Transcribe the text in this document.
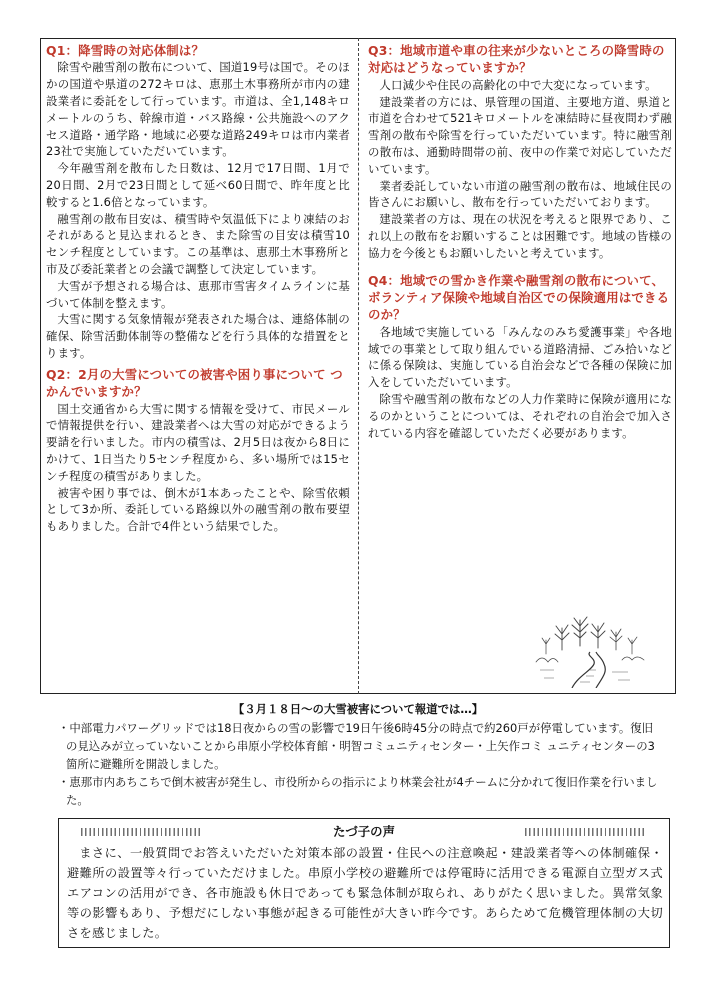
Q1：降雪時の対応体制は？

除雪や融雪剤の散布について、国道19号は国で。そのほかの国道や県道の272キロは、恵那土木事務所が市内の建設業者に委託をして行っています。市道は、全1,148キロメートルのうち、幹線市道・バス路線・公共施設へのアクセス道路・通学路・地域に必要な道路249キロは市内業者23社で実施していただいています。

今年融雪剤を散布した日数は、12月で17日間、1月で20日間、2月で23日間として延べ60日間で、昨年度と比較すると1.6倍となっています。

融雪剤の散布目安は、積雪時や気温低下により凍結のおそれがあると見込まれるとき、また除雪の目安は積雪10センチ程度としています。この基準は、恵那土木事務所と市及び委託業者との会議で調整して決定しています。

大雪が予想される場合は、恵那市雪害タイムラインに基づいて体制を整えます。

大雪に関する気象情報が発表された場合は、連絡体制の確保、除雪活動体制等の整備などを行う具体的な措置をとります。

Q2：2月の大雪についての被害や困り事について つかんでいますか？

国土交通省から大雪に関する情報を受けて、市民メールで情報提供を行い、建設業者へは大雪の対応ができるよう要請を行いました。市内の積雪は、2月5日は夜から8日にかけて、1日当たり5センチ程度から、多い場所では15センチ程度の積雪がありました。

被害や困り事では、倒木が1本あったことや、除雪依頼として3か所、委託している路線以外の融雪剤の散布要望もありました。合計で4件という結果でした。

Q3：地域市道や車の往来が少ないところの降雪時の対応はどうなっていますか？

人口減少や住民の高齢化の中で大変になっています。

建設業者の方には、県管理の国道、主要地方道、県道と市道を合わせて521キロメートルを凍結時に昼夜問わず融雪剤の散布や除雪を行っていただいています。特に融雪剤の散布は、通勤時間帯の前、夜中の作業で対応していただいています。

業者委託していない市道の融雪剤の散布は、地域住民の皆さんにお願いし、散布を行っていただいております。

建設業者の方は、現在の状況を考えると限界であり、これ以上の散布をお願いすることは困難です。地域の皆様の協力を今後ともお願いしたいと考えています。

Q4：地域での雪かき作業や融雪剤の散布について、ボランティア保険や地域自治区での保険適用はできるのか？

各地域で実施している「みんなのみち愛護事業」や各地域での事業として取り組んでいる道路清掃、ごみ拾いなどに係る保険は、実施している自治会などで各種の保険に加入をしていただいています。

除雪や融雪剤の散布などの人力作業時に保険が適用になるのかということについては、それぞれの自治会で加入されている内容を確認していただく必要があります。

【３月１８日～の大雪被害について報道では…】

・中部電力パワーグリッドでは18日夜からの雪の影響で19日午後6時45分の時点で約260戸が停電しています。復旧の見込みが立っていないことから串原小学校体育館・明智コミュニティセンター・上矢作コミ ュニティセンターの3箇所に避難所を開設しました。

・恵那市内あちこちで倒木被害が発生し、市役所からの指示により林業会社が4チームに分かれて復旧作業を行いました。

たづ子の声

まさに、一般質問でお答えいただいた対策本部の設置・住民への注意喚起・建設業者等への体制確保・避難所の設置等々行っていただけました。串原小学校の避難所では停電時に活用できる電源自立型ガス式エアコンの活用ができ、各市施設も休日であっても緊急体制が取られ、ありがたく思いました。異常気象等の影響もあり、予想だにしない事態が起きる可能性が大きい昨今です。あらためて危機管理体制の大切さを感じました。
